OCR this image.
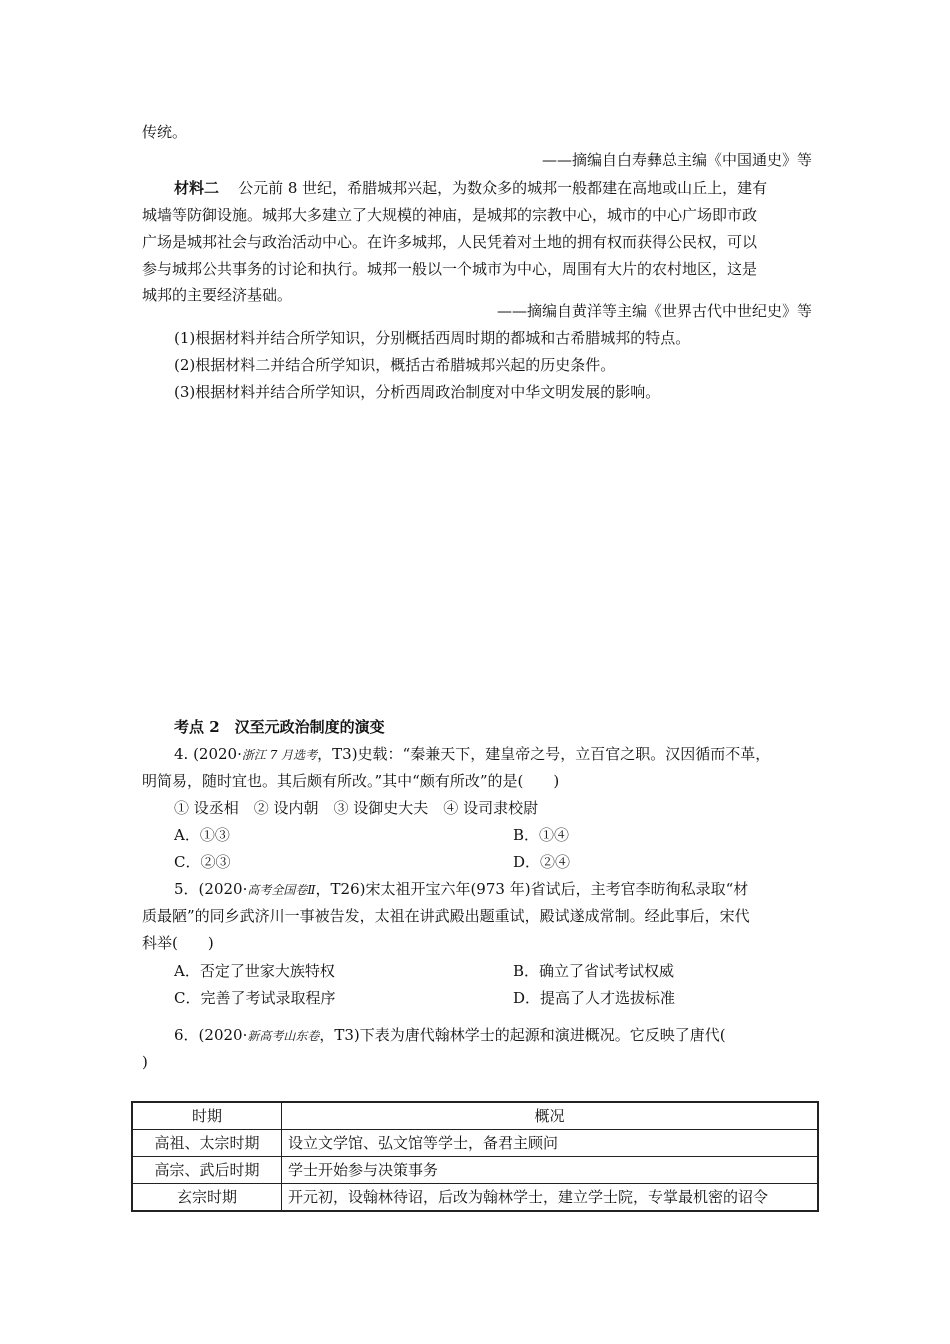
传统。
——摘编自白寿彝总主编《中国通史》等
材料二 公元前 8 世纪，希腊城邦兴起，为数众多的城邦一般都建在高地或山丘上，建有
城墙等防御设施。城邦大多建立了大规模的神庙，是城邦的宗教中心，城市的中心广场即市政
广场是城邦社会与政治活动中心。在许多城邦，人民凭着对土地的拥有权而获得公民权，可以
参与城邦公共事务的讨论和执行。城邦一般以一个城市为中心，周围有大片的农村地区，这是
城邦的主要经济基础。
——摘编自黄洋等主编《世界古代中世纪史》等
(1)根据材料并结合所学知识，分别概括西周时期的都城和古希腊城邦的特点。
(2)根据材料二并结合所学知识，概括古希腊城邦兴起的历史条件。
(3)根据材料并结合所学知识，分析西周政治制度对中华文明发展的影响。
考点 2　汉至元政治制度的演变
4. (2020·浙江 7 月选考，T3)史载：“秦兼天下，建皇帝之号，立百官之职。汉因循而不革，
明简易，随时宜也。其后颇有所改。”其中“颇有所改”的是(　　)
① 设丞相　② 设内朝　③ 设御史大夫　④ 设司隶校尉
A．①③	B．①④
C．②③	D．②④
5．(2020·高考全国卷Ⅱ，T26)宋太祖开宝六年(973 年)省试后，主考官李昉徇私录取“材
质最陋”的同乡武济川一事被告发，太祖在讲武殿出题重试，殿试遂成常制。经此事后，宋代
科举(　　)
A．否定了世家大族特权	B．确立了省试考试权威
C．完善了考试录取程序	D．提高了人才选拔标准
6．(2020·新高考山东卷，T3)下表为唐代翰林学士的起源和演进概况。它反映了唐代(
)
时期	概况
高祖、太宗时期	设立文学馆、弘文馆等学士，备君主顾问
高宗、武后时期	学士开始参与决策事务
玄宗时期	开元初，设翰林待诏，后改为翰林学士，建立学士院，专掌最机密的诏令
